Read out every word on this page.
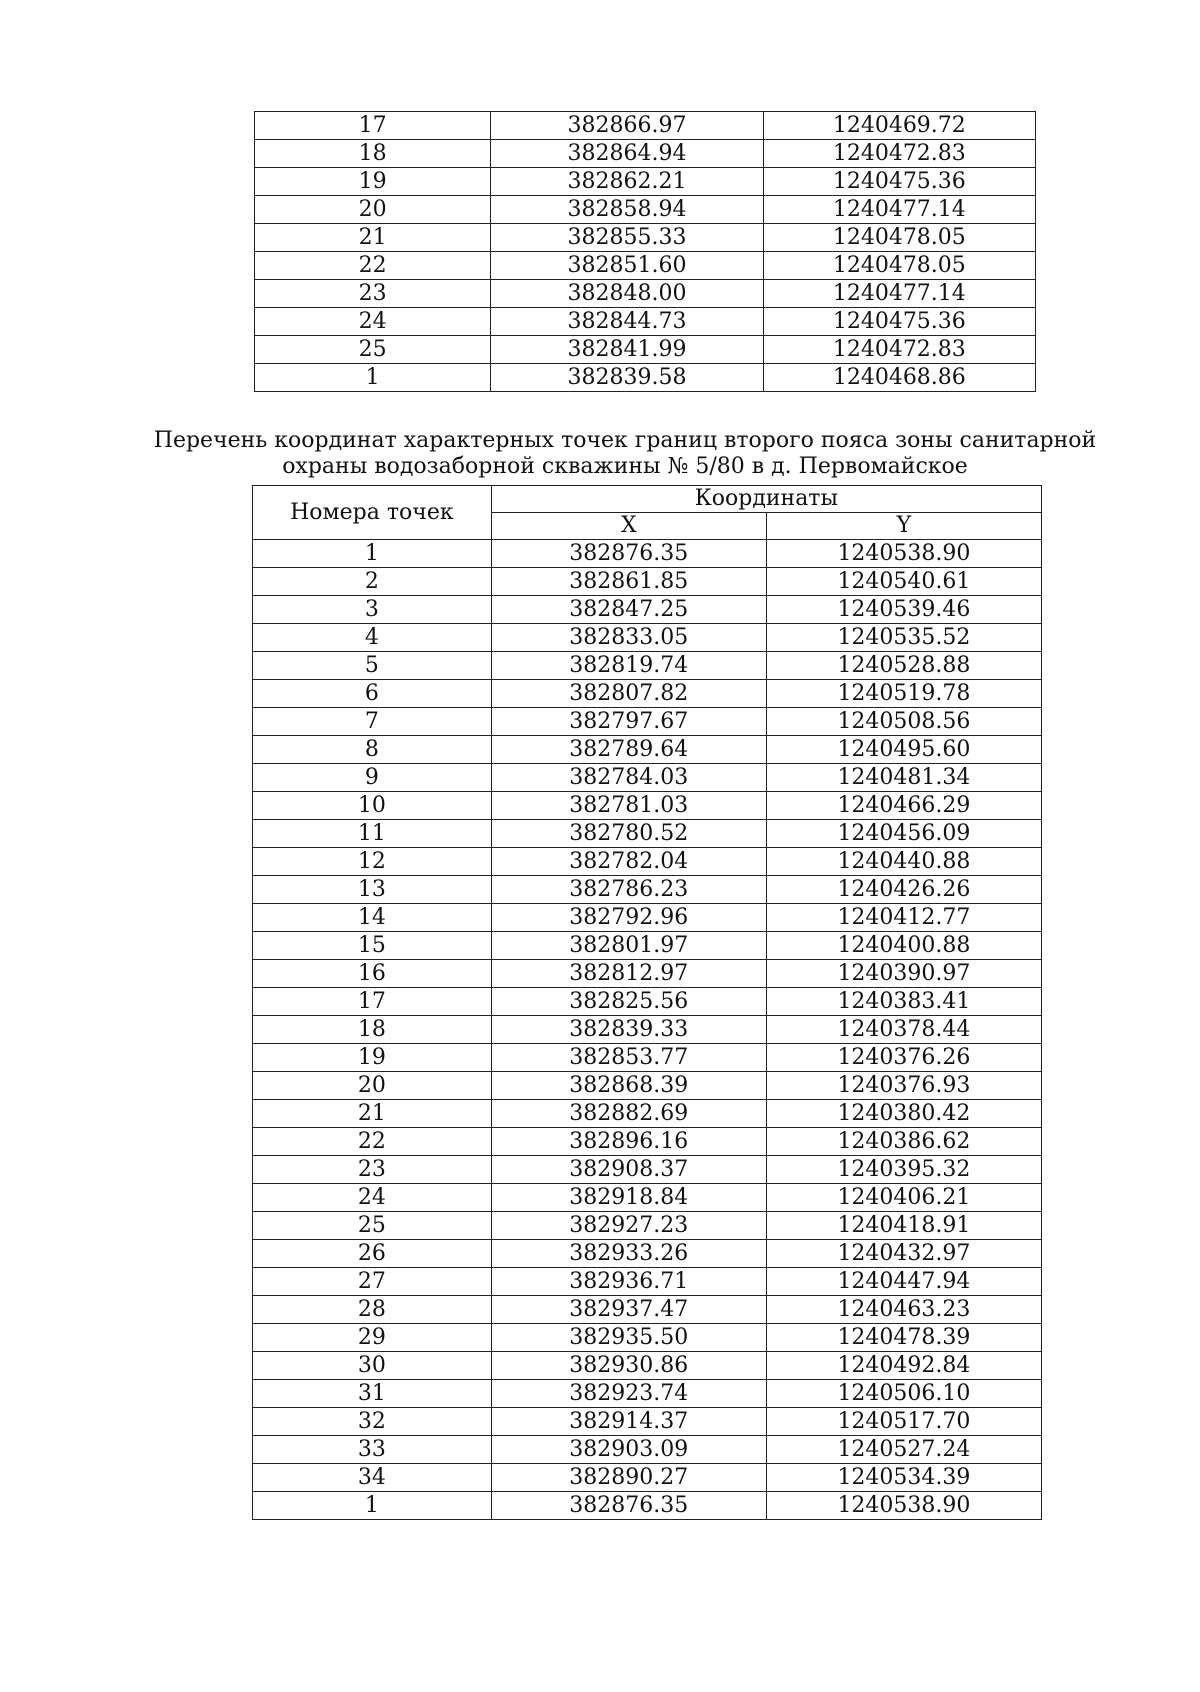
17	382866.97	1240469.72
18	382864.94	1240472.83
19	382862.21	1240475.36
20	382858.94	1240477.14
21	382855.33	1240478.05
22	382851.60	1240478.05
23	382848.00	1240477.14
24	382844.73	1240475.36
25	382841.99	1240472.83
1	382839.58	1240468.86
Перечень координат характерных точек границ второго пояса зоны санитарной
охраны водозаборной скважины № 5/80 в д. Первомайское
Номера точек	Координаты	
	X	Y
1	382876.35	1240538.90
2	382861.85	1240540.61
3	382847.25	1240539.46
4	382833.05	1240535.52
5	382819.74	1240528.88
6	382807.82	1240519.78
7	382797.67	1240508.56
8	382789.64	1240495.60
9	382784.03	1240481.34
10	382781.03	1240466.29
11	382780.52	1240456.09
12	382782.04	1240440.88
13	382786.23	1240426.26
14	382792.96	1240412.77
15	382801.97	1240400.88
16	382812.97	1240390.97
17	382825.56	1240383.41
18	382839.33	1240378.44
19	382853.77	1240376.26
20	382868.39	1240376.93
21	382882.69	1240380.42
22	382896.16	1240386.62
23	382908.37	1240395.32
24	382918.84	1240406.21
25	382927.23	1240418.91
26	382933.26	1240432.97
27	382936.71	1240447.94
28	382937.47	1240463.23
29	382935.50	1240478.39
30	382930.86	1240492.84
31	382923.74	1240506.10
32	382914.37	1240517.70
33	382903.09	1240527.24
34	382890.27	1240534.39
1	382876.35	1240538.90
